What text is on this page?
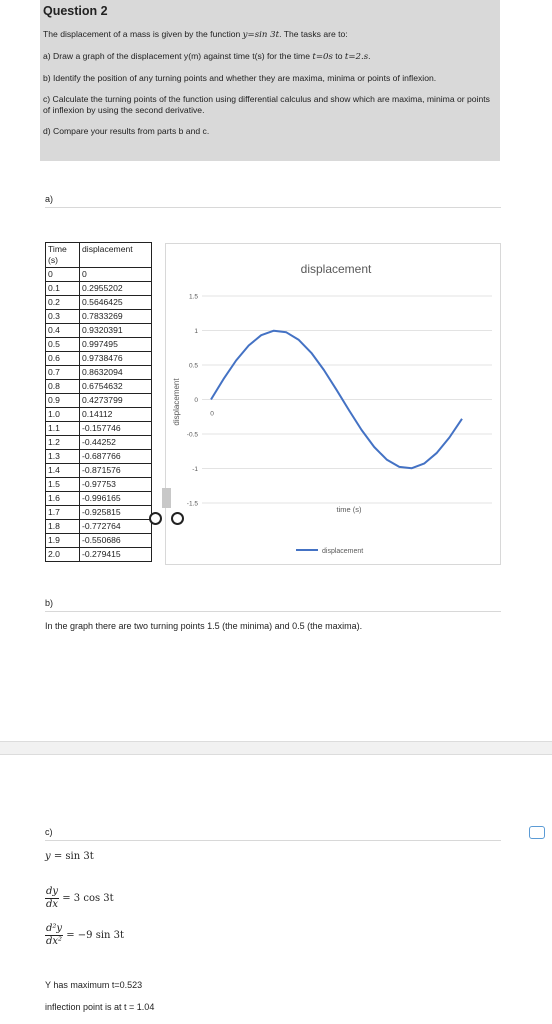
Question 2

The displacement of a mass is given by the function y=sin 3t. The tasks are to:

a) Draw a graph of the displacement y(m) against time t(s) for the time t=0s to t=2.s.

b) Identify the position of any turning points and whether they are maxima, minima or points of inflexion.

c) Calculate the turning points of the function using differential calculus and show which are maxima, minima or points of inflexion by using the second derivative.

d) Compare your results from parts b and c.

a)
Time (s)	displacement
0	0
0.1	0.2955202
0.2	0.5646425
0.3	0.7833269
0.4	0.9320391
0.5	0.997495
0.6	0.9738476
0.7	0.8632094
0.8	0.6754632
0.9	0.4273799
1.0	0.14112
1.1	-0.157746
1.2	-0.44252
1.3	-0.687766
1.4	-0.871576
1.5	-0.97753
1.6	-0.996165
1.7	-0.925815
1.8	-0.772764
1.9	-0.550686
2.0	-0.279415
displacement
1.5
1
0.5
0
-0.5
-1
-1.5
0
displacement
time (s)
displacement
b)
In the graph there are two turning points 1.5 (the minima) and 0.5 (the maxima).
c)
y = sin 3t
$\frac{dy}{dx} = 3$ cos 3t
$\frac{\text{d²y}}{\text{dx²}} = -9$ sin 3t
Y has maximum t=0.523
inflection point is at t = 1.04
